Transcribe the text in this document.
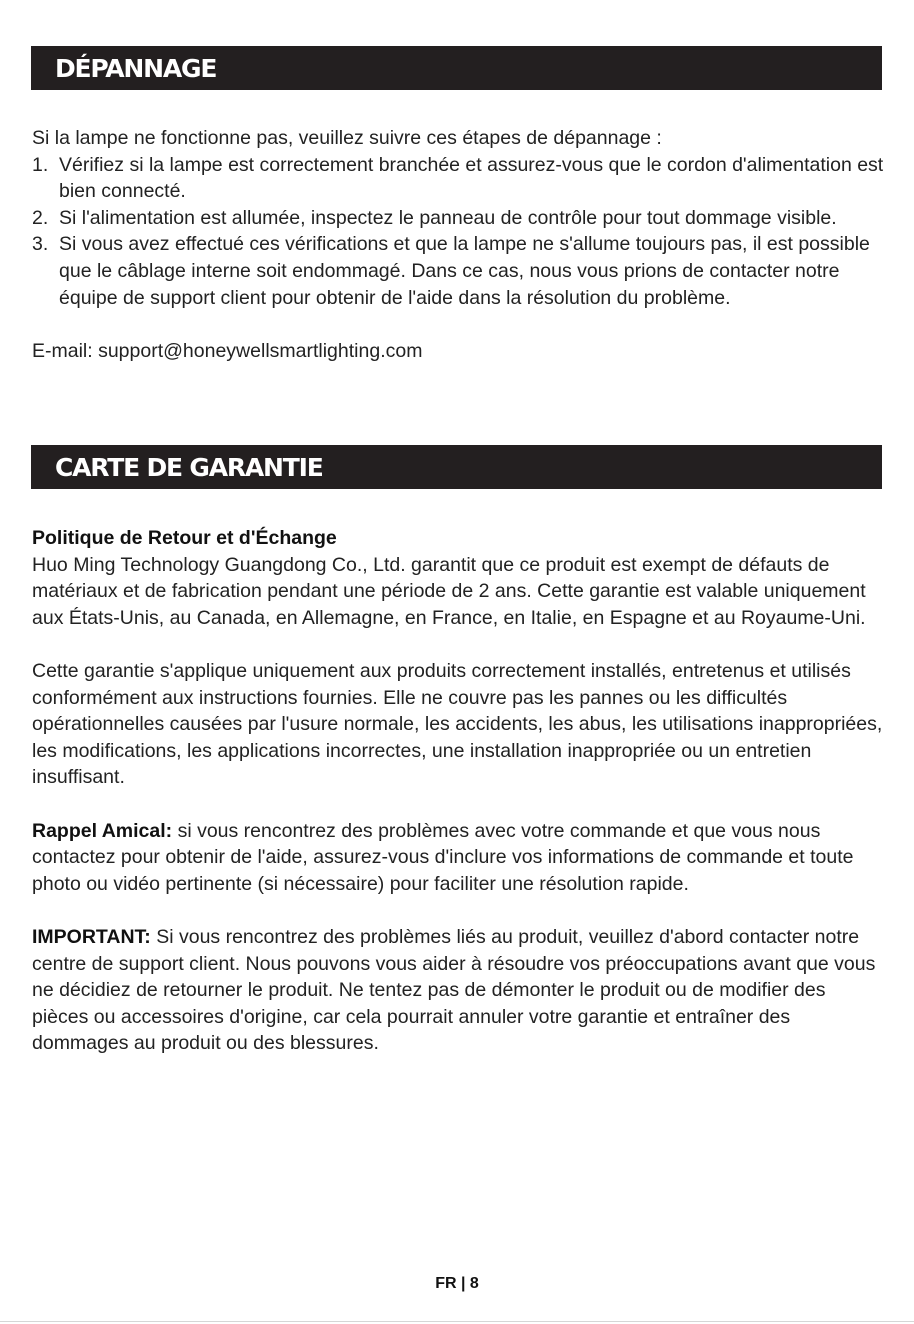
DÉPANNAGE

Si la lampe ne fonctionne pas, veuillez suivre ces étapes de dépannage :

1. Vérifiez si la lampe est correctement branchée et assurez-vous que le cordon d'alimentation est bien connecté.
2. Si l'alimentation est allumée, inspectez le panneau de contrôle pour tout dommage visible.
3. Si vous avez effectué ces vérifications et que la lampe ne s'allume toujours pas, il est possible que le câblage interne soit endommagé. Dans ce cas, nous vous prions de contacter notre équipe de support client pour obtenir de l'aide dans la résolution du problème.

E-mail: support@honeywellsmartlighting.com

CARTE DE GARANTIE

Politique de Retour et d'Échange

Huo Ming Technology Guangdong Co., Ltd. garantit que ce produit est exempt de défauts de matériaux et de fabrication pendant une période de 2 ans. Cette garantie est valable uniquement aux États-Unis, au Canada, en Allemagne, en France, en Italie, en Espagne et au Royaume-Uni.

Cette garantie s'applique uniquement aux produits correctement installés, entretenus et utilisés conformément aux instructions fournies. Elle ne couvre pas les pannes ou les difficultés opérationnelles causées par l'usure normale, les accidents, les abus, les utilisations inappropriées, les modifications, les applications incorrectes, une installation inappropriée ou un entretien insuffisant.

Rappel Amical: si vous rencontrez des problèmes avec votre commande et que vous nous contactez pour obtenir de l'aide, assurez-vous d'inclure vos informations de commande et toute photo ou vidéo pertinente (si nécessaire) pour faciliter une résolution rapide.

IMPORTANT: Si vous rencontrez des problèmes liés au produit, veuillez d'abord contacter notre centre de support client. Nous pouvons vous aider à résoudre vos préoccupations avant que vous ne décidiez de retourner le produit. Ne tentez pas de démonter le produit ou de modifier des pièces ou accessoires d'origine, car cela pourrait annuler votre garantie et entraîner des dommages au produit ou des blessures.

FR | 8
